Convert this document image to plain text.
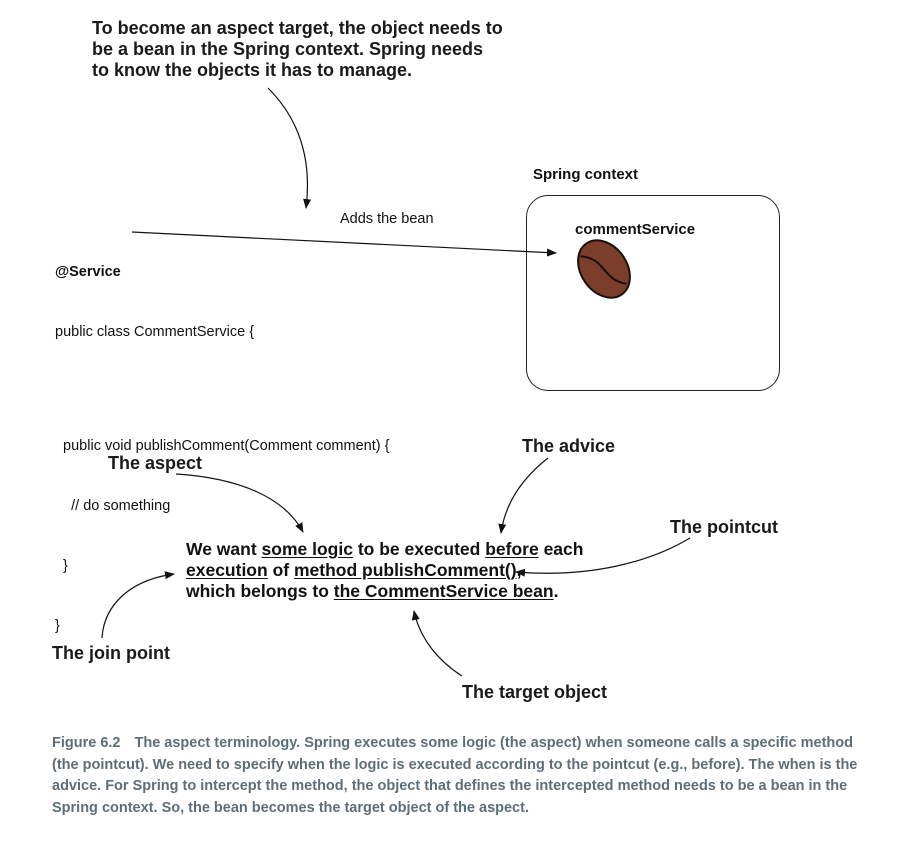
To become an aspect target, the object needs to
be a bean in the Spring context. Spring needs
to know the objects it has to manage.

@Service

public class CommentService {

public void publishComment(Comment comment) {

// do something

}

}

Adds the bean
Spring context
commentService
The aspect
The advice
The pointcut
The join point
The target object
We want some logic to be executed before each
execution of method publishComment(),
which belongs to the CommentService bean.
Figure 6.2 The aspect terminology. Spring executes some logic (the aspect) when someone calls a specific method (the pointcut). We need to specify when the logic is executed according to the pointcut (e.g., before). The when is the advice. For Spring to intercept the method, the object that defines the intercepted method needs to be a bean in the Spring context. So, the bean becomes the target object of the aspect.
